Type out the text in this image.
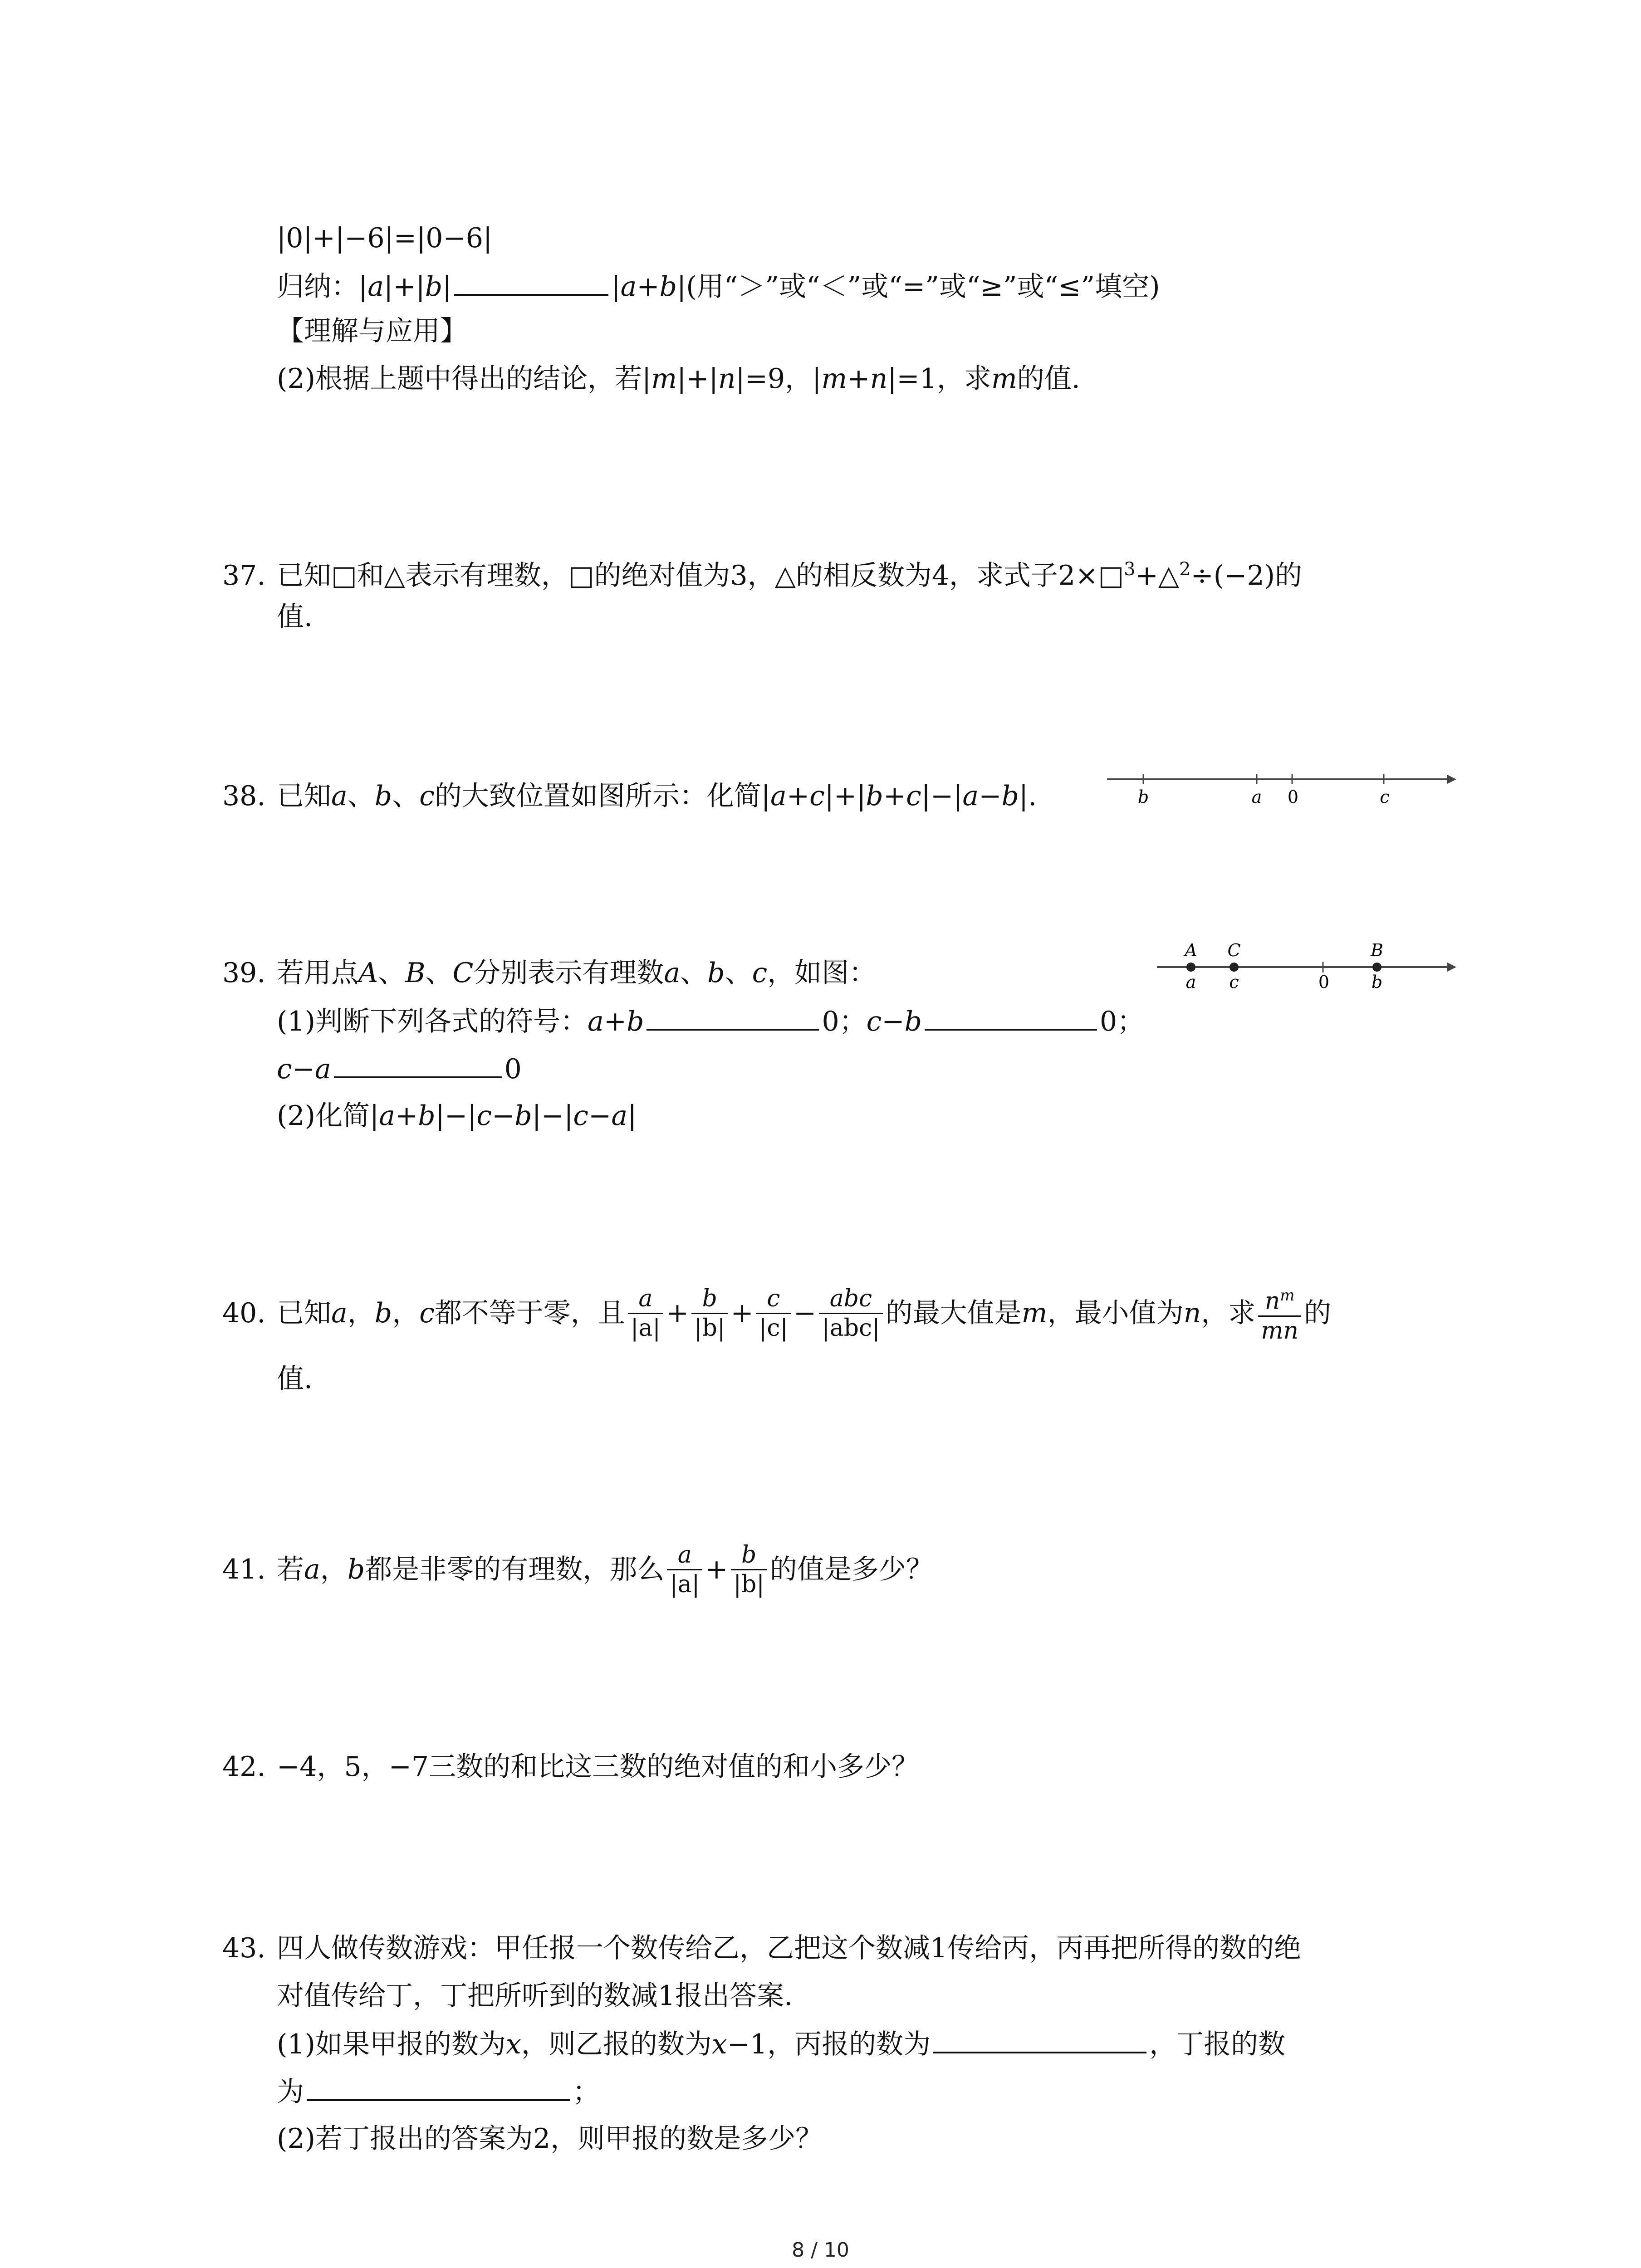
|0|+|−6|=|0−6|
归纳：|a|+|b|	|a+b|(用“＞”或“＜”或“=”或“≥”或“≤”填空)
【理解与应用】
(2)根据上题中得出的结论，若|m|+|n|=9，|m+n|=1，求m的值.
37. 已知□和△表示有理数，□的绝对值为3，△的相反数为4，求式子2×□$^3$+△$^2$÷(−2)的
值.
38. 已知a、b、c的大致位置如图所示：化简|a+c|+|b+c|−|a−b|.	b	a 0	c
39. 若用点A、B、C分别表示有理数a、b、c，如图：
(1)判断下列各式的符号：a+b	0；c−b	0；
c−a	0
(2)化简|a+b|−|c−b|−|c−a|
A C	B
a c	0 b
40. 已知 a ， b ， c 都不等于零，且 $\frac{a}{|a|} + \frac{b}{|b|} + \frac{c}{|c|} - \frac{\text{abc}}{\text{|abc|}}$ 的最大值是 m ，最小值为 n ，求 $\frac{n^m}{mn}$ 的
值.
41. 若 a ， b 都是非零的有理数，那么 $\frac{a}{|a|} + \frac{b}{|b|}$ 的值是多少？
42. −4，5，−7三数的和比这三数的绝对值的和小多少？
43. 四人做传数游戏：甲任报一个数传给乙，乙把这个数减1传给丙，丙再把所得的数的绝
对值传给丁，丁把所听到的数减1报出答案.
(1)如果甲报的数为x，则乙报的数为x−1，丙报的数为	，丁报的数
为	；
(2)若丁报出的答案为2，则甲报的数是多少？
8 / 10
